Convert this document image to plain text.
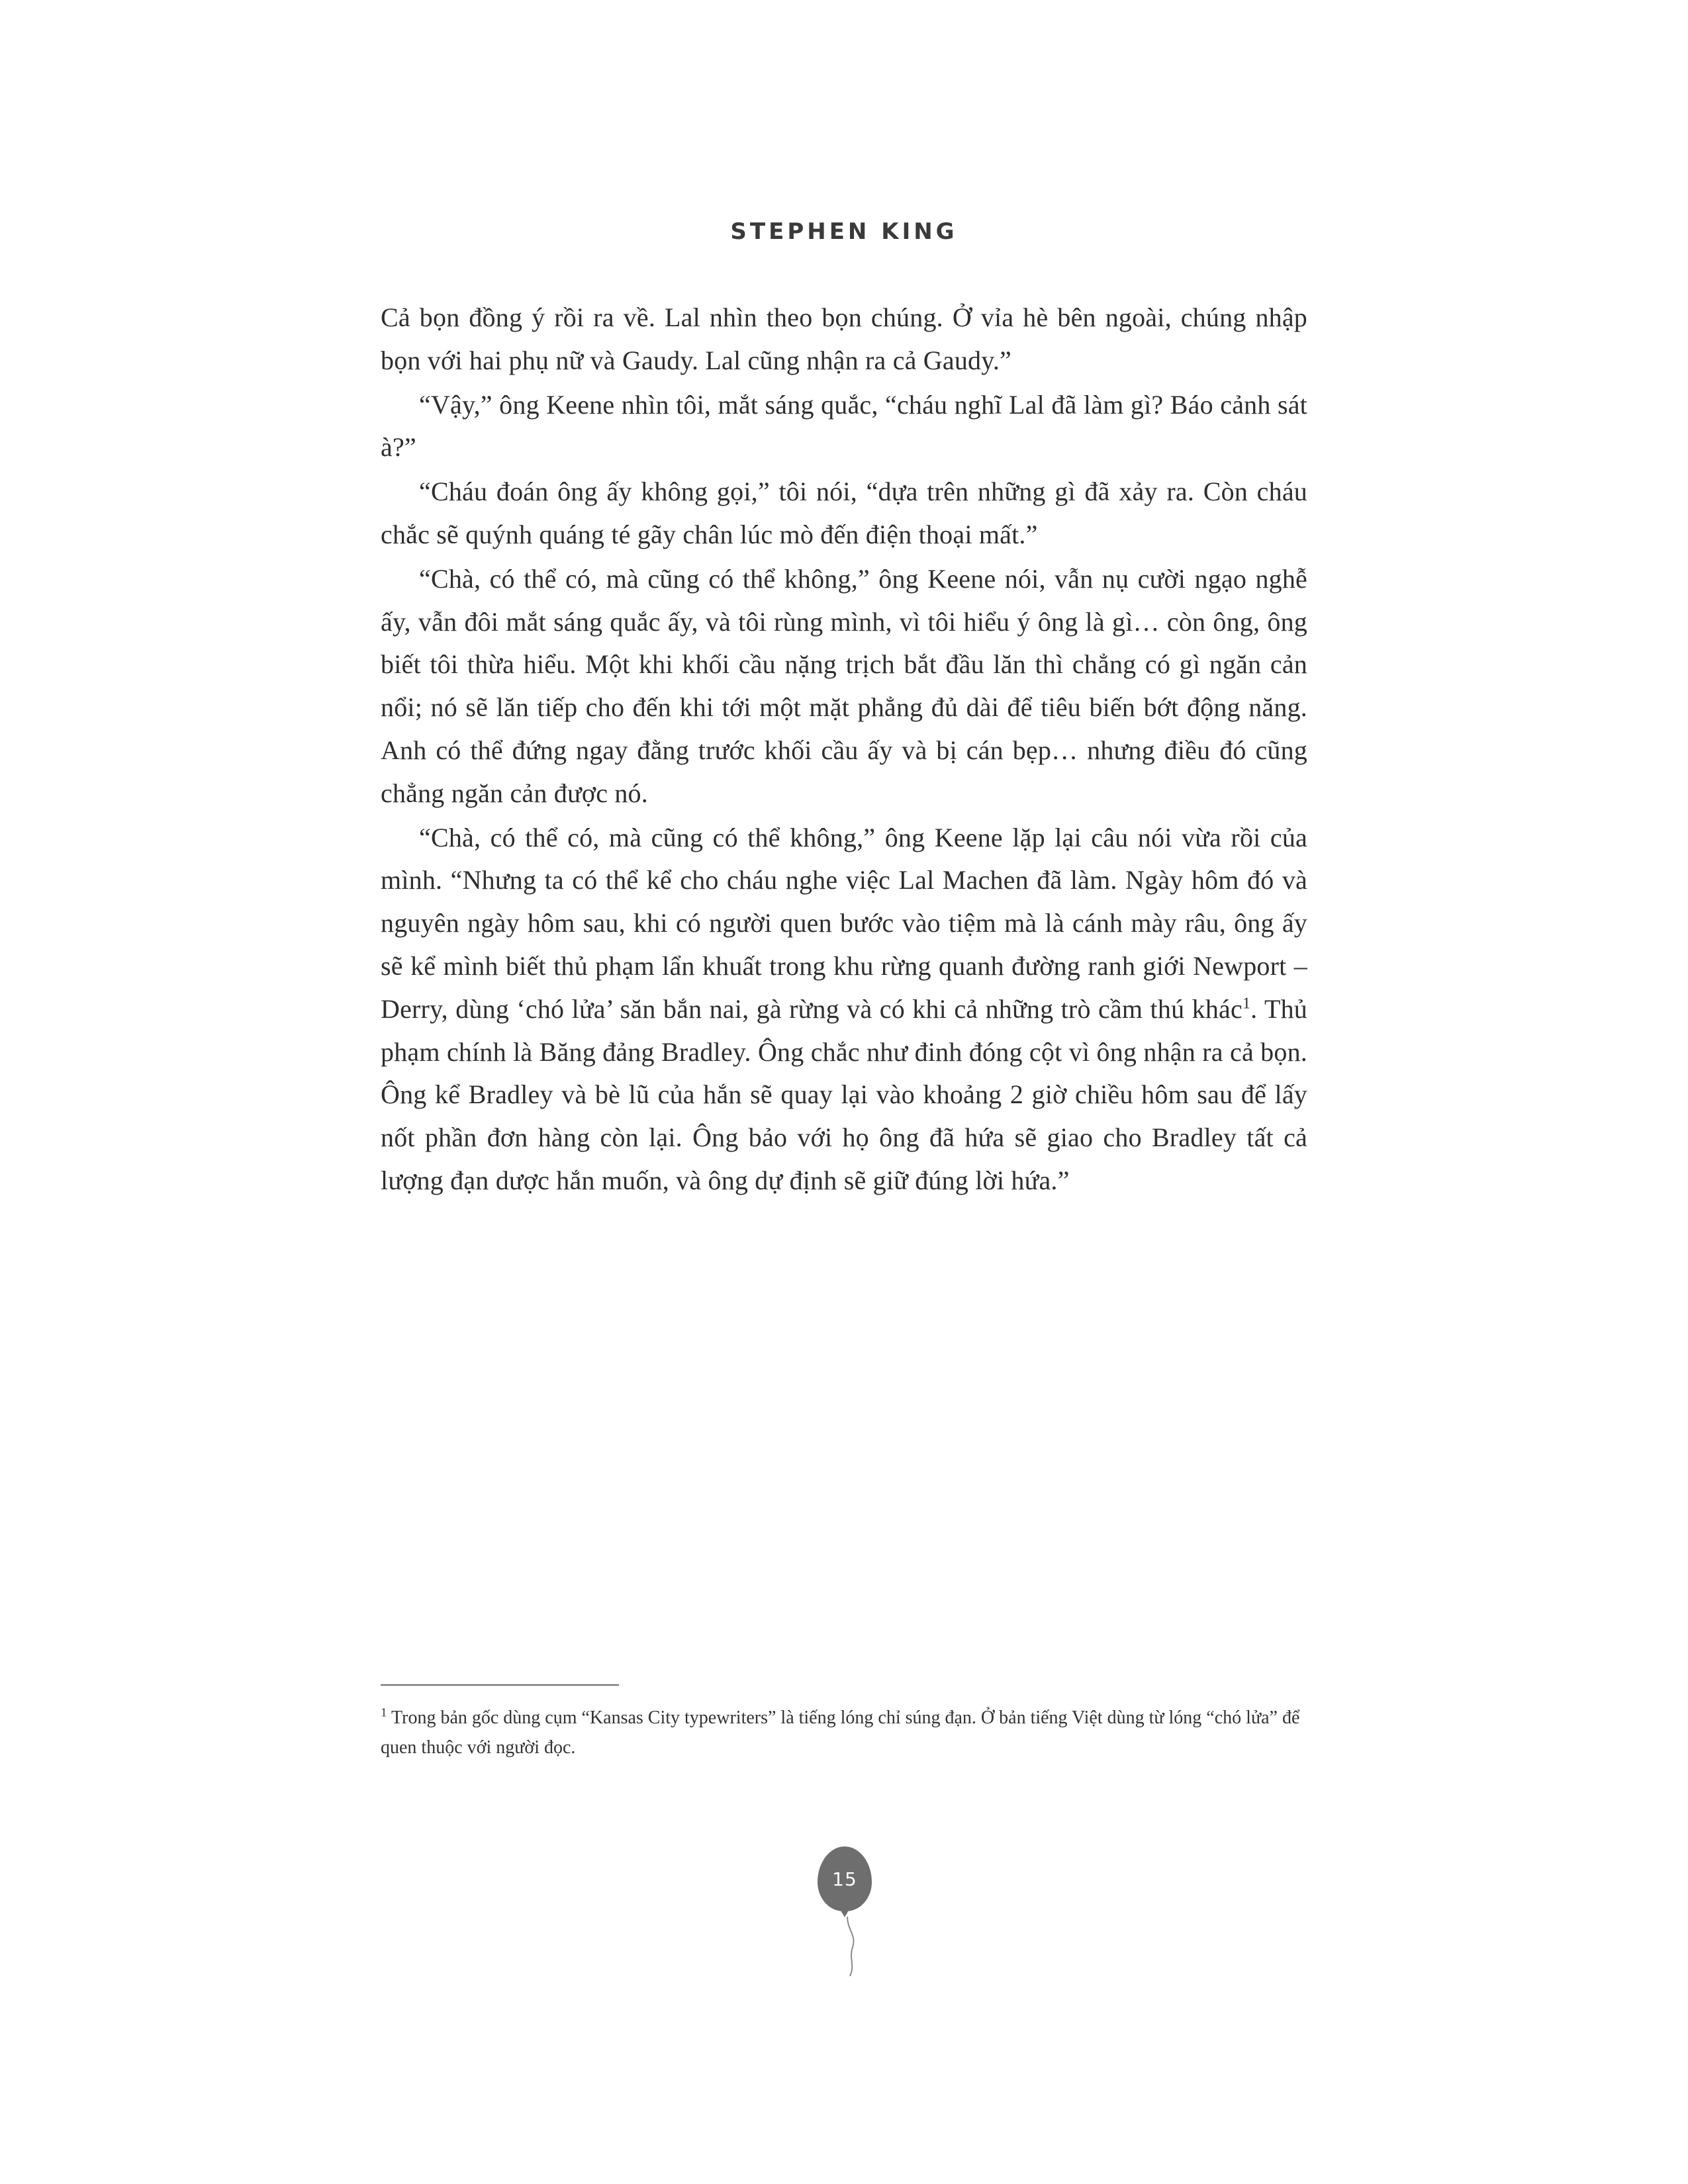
STEPHEN KING

Cả bọn đồng ý rồi ra về. Lal nhìn theo bọn chúng. Ở vỉa hè bên ngoài, chúng nhập bọn với hai phụ nữ và Gaudy. Lal cũng nhận ra cả Gaudy.”

“Vậy,” ông Keene nhìn tôi, mắt sáng quắc, “cháu nghĩ Lal đã làm gì? Báo cảnh sát à?”

“Cháu đoán ông ấy không gọi,” tôi nói, “dựa trên những gì đã xảy ra. Còn cháu chắc sẽ quýnh quáng té gãy chân lúc mò đến điện thoại mất.”

“Chà, có thể có, mà cũng có thể không,” ông Keene nói, vẫn nụ cười ngạo nghễ ấy, vẫn đôi mắt sáng quắc ấy, và tôi rùng mình, vì tôi hiểu ý ông là gì… còn ông, ông biết tôi thừa hiểu. Một khi khối cầu nặng trịch bắt đầu lăn thì chẳng có gì ngăn cản nổi; nó sẽ lăn tiếp cho đến khi tới một mặt phẳng đủ dài để tiêu biến bớt động năng. Anh có thể đứng ngay đằng trước khối cầu ấy và bị cán bẹp… nhưng điều đó cũng chẳng ngăn cản được nó.

“Chà, có thể có, mà cũng có thể không,” ông Keene lặp lại câu nói vừa rồi của mình. “Nhưng ta có thể kể cho cháu nghe việc Lal Machen đã làm. Ngày hôm đó và nguyên ngày hôm sau, khi có người quen bước vào tiệm mà là cánh mày râu, ông ấy sẽ kể mình biết thủ phạm lẩn khuất trong khu rừng quanh đường ranh giới Newport – Derry, dùng ‘chó lửa’ săn bắn nai, gà rừng và có khi cả những trò cầm thú khác$^1$. Thủ phạm chính là Băng đảng Bradley. Ông chắc như đinh đóng cột vì ông nhận ra cả bọn. Ông kể Bradley và bè lũ của hắn sẽ quay lại vào khoảng 2 giờ chiều hôm sau để lấy nốt phần đơn hàng còn lại. Ông bảo với họ ông đã hứa sẽ giao cho Bradley tất cả lượng đạn dược hắn muốn, và ông dự định sẽ giữ đúng lời hứa.”

$^1$ Trong bản gốc dùng cụm “Kansas City typewriters” là tiếng lóng chỉ súng đạn. Ở bản tiếng Việt dùng từ lóng “chó lửa” để quen thuộc với người đọc.

15
